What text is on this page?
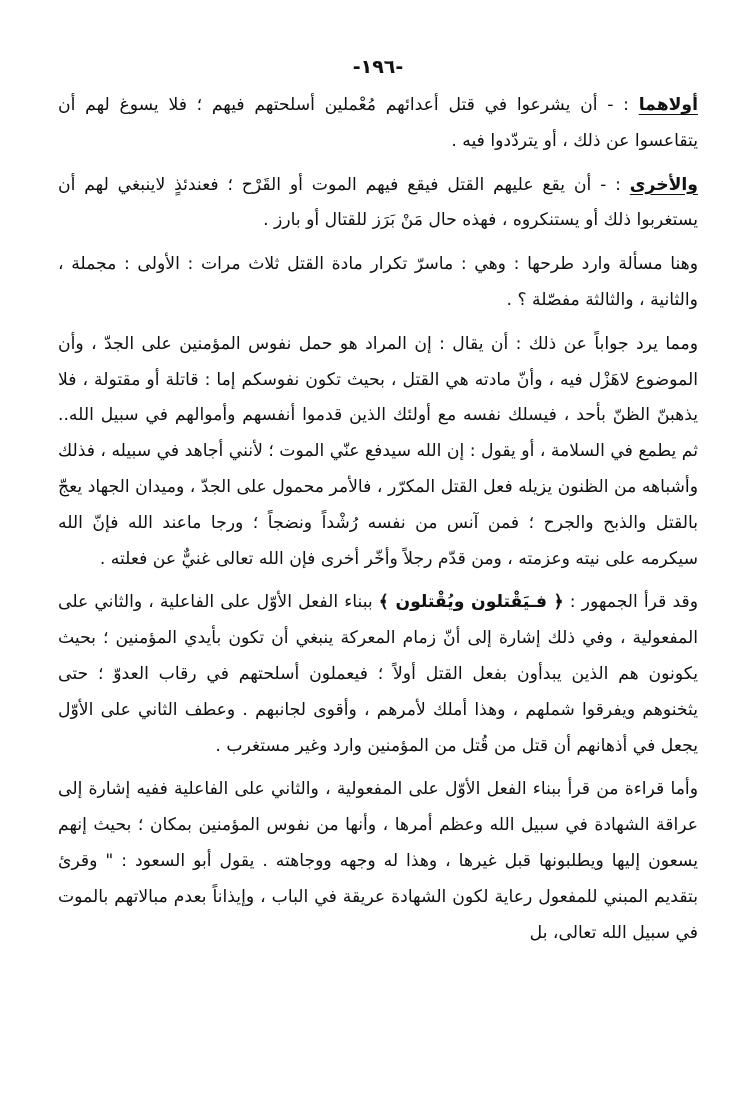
-١٩٦-

أولاهما : - أن يشرعوا في قتل أعدائهم مُعْملين أسلحتهم فيهم ؛ فلا يسوغ لهم أن يتقاعسوا عن ذلك ، أو يتردّدوا فيه .

والأخرى : - أن يقع عليهم القتل فيقع فيهم الموت أو القَرْح ؛ فعندئذٍ لاينبغي لهم أن يستغربوا ذلك أو يستنكروه ، فهذه حال مَنْ بَرَز للقتال أو بارز .

وهنا مسألة وارد طرحها : وهي : ماسرّ تكرار مادة القتل ثلاث مرات : الأولى : مجملة ، والثانية ، والثالثة مفصّلة ؟ .

ومما يرد جواباً عن ذلك : أن يقال : إن المراد هو حمل نفوس المؤمنين على الجدّ ، وأن الموضوع لاهَزْل فيه ، وأنّ مادته هي القتل ، بحيث تكون نفوسكم إما : قاتلة أو مقتولة ، فلا يذهبنّ الظنّ بأحد ، فيسلك نفسه مع أولئك الذين قدموا أنفسهم وأموالهم في سبيل الله.. ثم يطمع في السلامة ، أو يقول : إن الله سيدفع عنّي الموت ؛ لأنني أجاهد في سبيله ، فذلك وأشباهه من الظنون يزيله فعل القتل المكرّر ، فالأمر محمول على الجدّ ، وميدان الجهاد يعجّ بالقتل والذبح والجرح ؛ فمن آنس من نفسه رُشْداً ونضجاً ؛ ورجا ماعند الله فإنّ الله سيكرمه على نيته وعزمته ، ومن قدّم رجلاً وأخّر أخرى فإن الله تعالى غنيٌّ عن فعلته .

وقد قرأ الجمهور : ﴿ فـيَقْتلون ويُقْتلون ﴾ ببناء الفعل الأوّل على الفاعلية ، والثاني على المفعولية ، وفي ذلك إشارة إلى أنّ زمام المعركة ينبغي أن تكون بأيدي المؤمنين ؛ بحيث يكونون هم الذين يبدأون بفعل القتل أولاً ؛ فيعملون أسلحتهم في رقاب العدوّ ؛ حتى يثخنوهم ويفرقوا شملهم ، وهذا أملك لأمرهم ، وأقوى لجانبهم . وعطف الثاني على الأوّل يجعل في أذهانهم أن قتل من قُتل من المؤمنين وارد وغير مستغرب .

وأما قراءة من قرأ ببناء الفعل الأوّل على المفعولية ، والثاني على الفاعلية ففيه إشارة إلى عراقة الشهادة في سبيل الله وعظم أمرها ، وأنها من نفوس المؤمنين بمكان ؛ بحيث إنهم يسعون إليها ويطلبونها قبل غيرها ، وهذا له وجهه ووجاهته . يقول أبو السعود : " وقرئ بتقديم المبني للمفعول رعاية لكون الشهادة عريقة في الباب ، وإيذاناً بعدم مبالاتهم بالموت في سبيل الله تعالى، بل
